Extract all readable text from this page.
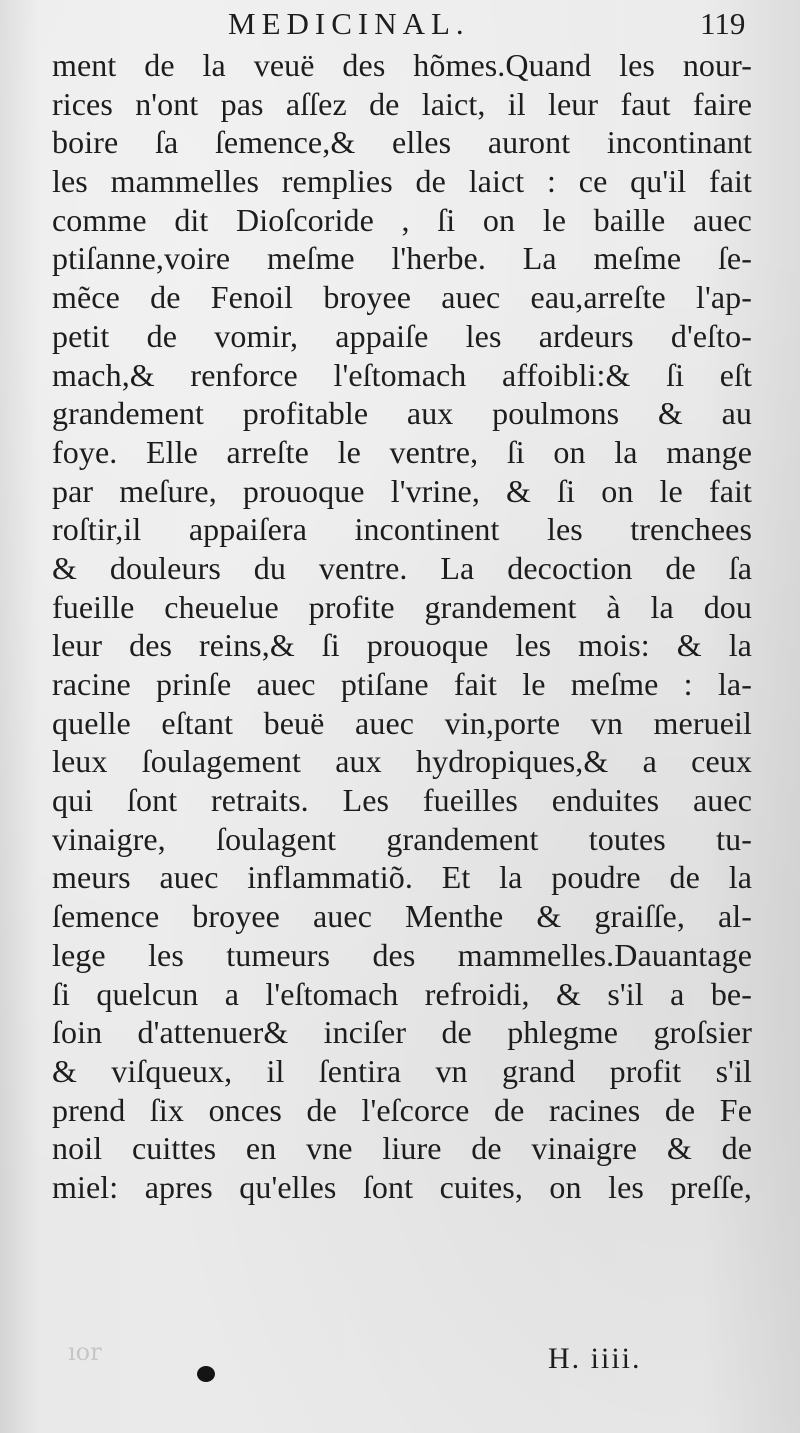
MEDICINAL.	119
ment de la veuë des hõmes.Quand les nour-
rices n'ont pas aſſez de laict, il leur faut faire
boire ſa ſemence,& elles auront incontinant
les mammelles remplies de laict : ce qu'il fait
comme dit Dioſcoride , ſi on le baille auec
ptiſanne,voire meſme l'herbe. La meſme ſe-
mẽce de Fenoil broyee auec eau,arreſte l'ap-
petit de vomir, appaiſe les ardeurs d'eſto-
mach,& renforce l'eſtomach affoibli:& ſi eſt
grandement profitable aux poulmons & au
foye. Elle arreſte le ventre, ſi on la mange
par meſure, prouoque l'vrine, & ſi on le fait
roſtir,il appaiſera incontinent les trenchees
& douleurs du ventre. La decoction de ſa
fueille cheuelue profite grandement à la dou
leur des reins,& ſi prouoque les mois: & la
racine prinſe auec ptiſane fait le meſme : la-
quelle eſtant beuë auec vin,porte vn merueil
leux ſoulagement aux hydropiques,& a ceux
qui ſont retraits. Les fueilles enduites auec
vinaigre, ſoulagent grandement toutes tu-
meurs auec inflammatiõ. Et la poudre de la
ſemence broyee auec Menthe & graiſſe, al-
lege les tumeurs des mammelles.Dauantage
ſi quelcun a l'eſtomach refroidi, & s'il a be-
ſoin d'attenuer& inciſer de phlegme groſsier
& viſqueux, il ſentira vn grand profit s'il
prend ſix onces de l'eſcorce de racines de Fe
noil cuittes en vne liure de vinaigre & de
miel: apres qu'elles ſont cuites, on les preſſe,
ıor	H. iiii.
